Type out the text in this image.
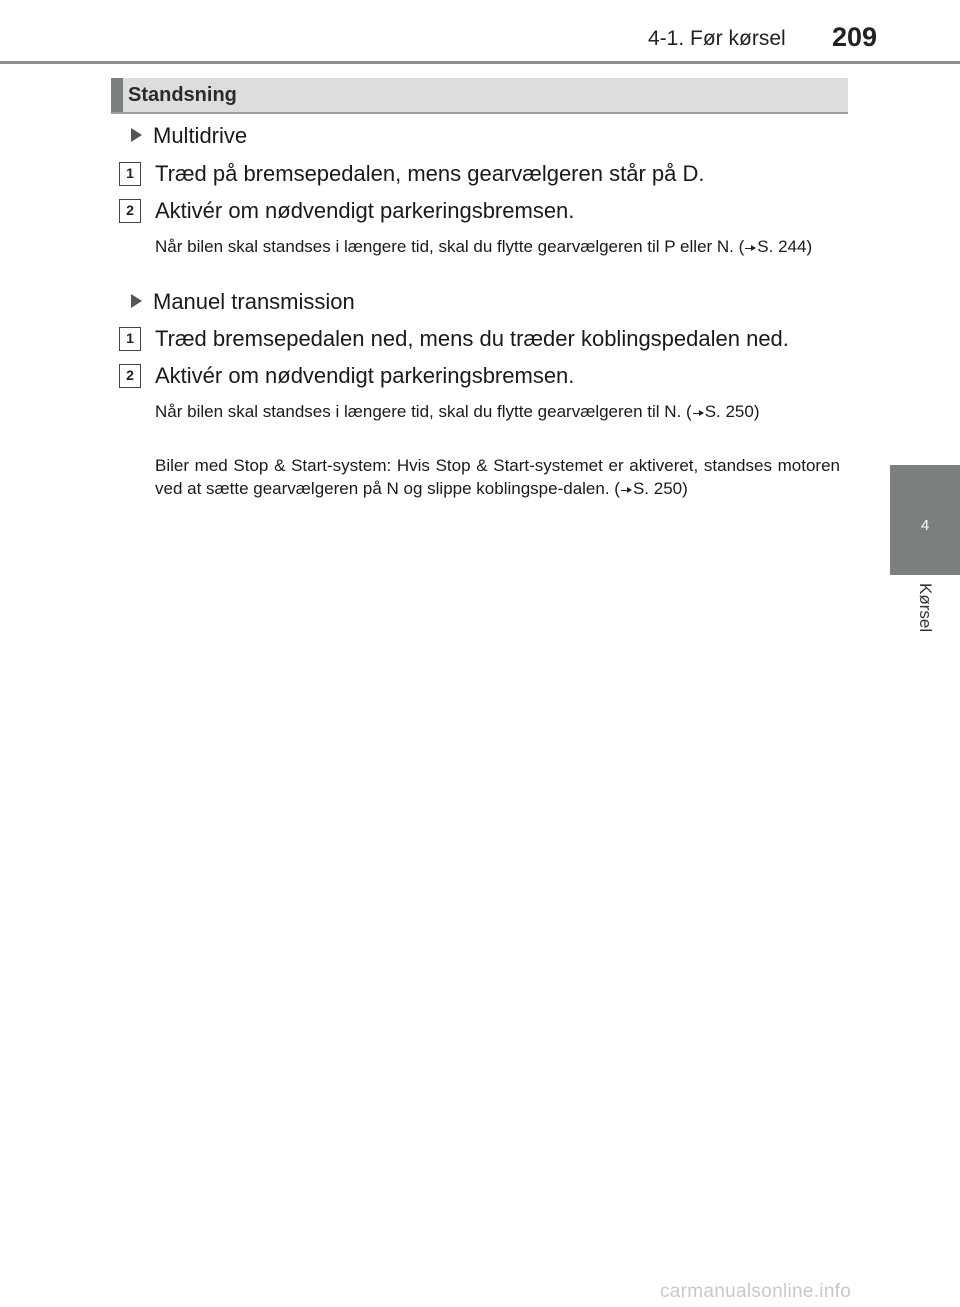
4-1. Før kørsel 209
4
Kørsel
Standsning
Multidrive
1 Træd på bremsepedalen, mens gearvælgeren står på D.
2 Aktivér om nødvendigt parkeringsbremsen.
Når bilen skal standses i længere tid, skal du flytte gearvælgeren til P eller N. ( S. 244)
Manuel transmission
1 Træd bremsepedalen ned, mens du træder koblingspedalen ned.
2 Aktivér om nødvendigt parkeringsbremsen.
Når bilen skal standses i længere tid, skal du flytte gearvælgeren til N. ( S. 250)
Biler med Stop & Start-system: Hvis Stop & Start-systemet er aktiveret, standses motoren ved at sætte gearvælgeren på N og slippe koblingspe-dalen. ( S. 250)
carmanualsonline.info
